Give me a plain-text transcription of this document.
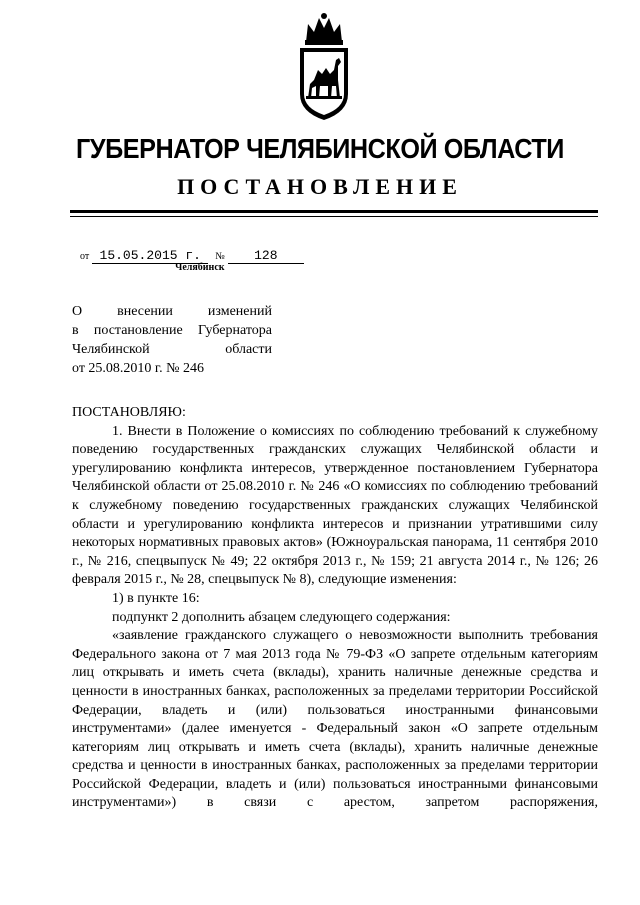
ГУБЕРНАТОР ЧЕЛЯБИНСКОЙ ОБЛАСТИ
ПОСТАНОВЛЕНИЕ
от 15.05.2015 г. № 128
Челябинск
О внесении изменений
в постановление Губернатора
Челябинской области
от 25.08.2010 г. № 246

ПОСТАНОВЛЯЮ:

1. Внести в Положение о комиссиях по соблюдению требований к служебному поведению государственных гражданских служащих Челябинской области и урегулированию конфликта интересов, утвержденное постановлением Губернатора Челябинской области от 25.08.2010 г. № 246 «О комиссиях по соблюдению требований к служебному поведению государственных гражданских служащих Челябинской области и урегулированию конфликта интересов и признании утратившими силу некоторых нормативных правовых актов» (Южноуральская панорама, 11 сентября 2010 г., № 216, спецвыпуск № 49; 22 октября 2013 г., № 159; 21 августа 2014 г., № 126; 26 февраля 2015 г., № 28, спецвыпуск № 8), следующие изменения:

1) в пункте 16:

подпункт 2 дополнить абзацем следующего содержания:

«заявление гражданского служащего о невозможности выполнить требования Федерального закона от 7 мая 2013 года № 79-ФЗ «О запрете отдельным категориям лиц открывать и иметь счета (вклады), хранить наличные денежные средства и ценности в иностранных банках, расположенных за пределами территории Российской Федерации, владеть и (или) пользоваться иностранными финансовыми инструментами» (далее именуется - Федеральный закон «О запрете отдельным категориям лиц открывать и иметь счета (вклады), хранить наличные денежные средства и ценности в иностранных банках, расположенных за пределами территории Российской Федерации, владеть и (или) пользоваться иностранными финансовыми инструментами») в связи с арестом, запретом распоряжения,
